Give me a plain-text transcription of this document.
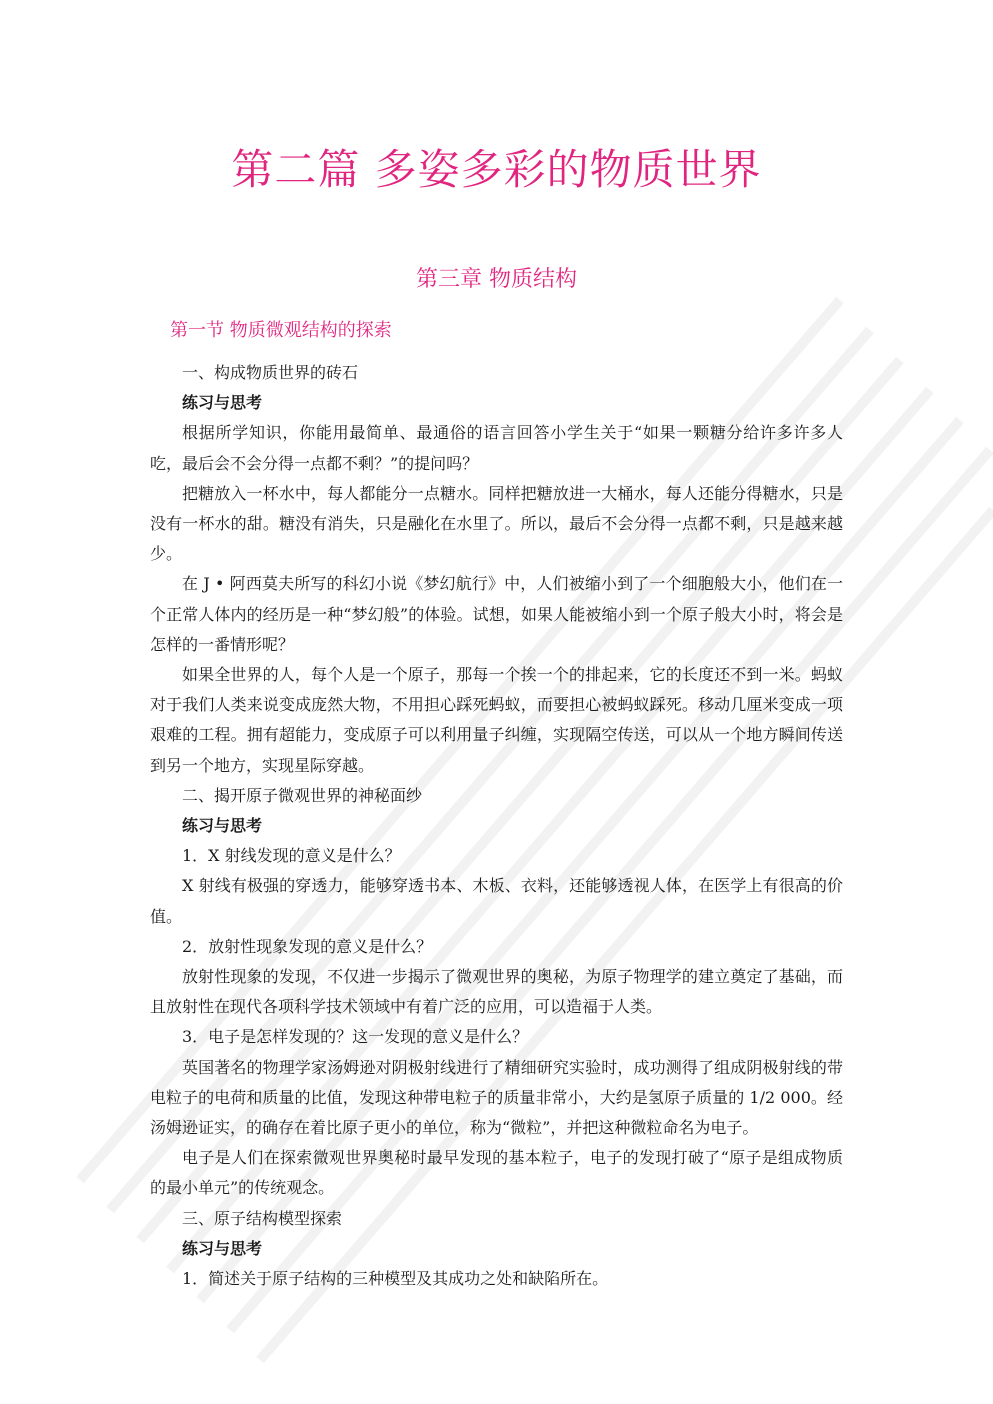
第二篇 多姿多彩的物质世界
第三章 物质结构
第一节 物质微观结构的探索

一、构成物质世界的砖石

练习与思考

根据所学知识，你能用最简单、最通俗的语言回答小学生关于“如果一颗糖分给许多许多人吃，最后会不会分得一点都不剩？”的提问吗？

把糖放入一杯水中，每人都能分一点糖水。同样把糖放进一大桶水，每人还能分得糖水，只是没有一杯水的甜。糖没有消失，只是融化在水里了。所以，最后不会分得一点都不剩，只是越来越少。

在 J • 阿西莫夫所写的科幻小说《梦幻航行》中，人们被缩小到了一个细胞般大小，他们在一个正常人体内的经历是一种“梦幻般”的体验。试想，如果人能被缩小到一个原子般大小时，将会是怎样的一番情形呢？

如果全世界的人，每个人是一个原子，那每一个挨一个的排起来，它的长度还不到一米。蚂蚁对于我们人类来说变成庞然大物，不用担心踩死蚂蚁，而要担心被蚂蚁踩死。移动几厘米变成一项艰难的工程。拥有超能力，变成原子可以利用量子纠缠，实现隔空传送，可以从一个地方瞬间传送到另一个地方，实现星际穿越。

二、揭开原子微观世界的神秘面纱

练习与思考

1．X 射线发现的意义是什么？

X 射线有极强的穿透力，能够穿透书本、木板、衣料，还能够透视人体，在医学上有很高的价值。

2．放射性现象发现的意义是什么？

放射性现象的发现，不仅进一步揭示了微观世界的奥秘，为原子物理学的建立奠定了基础，而且放射性在现代各项科学技术领域中有着广泛的应用，可以造福于人类。

3．电子是怎样发现的？这一发现的意义是什么？

英国著名的物理学家汤姆逊对阴极射线进行了精细研究实验时，成功测得了组成阴极射线的带电粒子的电荷和质量的比值，发现这种带电粒子的质量非常小，大约是氢原子质量的 1/2 000。经汤姆逊证实，的确存在着比原子更小的单位，称为“微粒”，并把这种微粒命名为电子。

电子是人们在探索微观世界奥秘时最早发现的基本粒子，电子的发现打破了“原子是组成物质的最小单元”的传统观念。

三、原子结构模型探索

练习与思考

1．简述关于原子结构的三种模型及其成功之处和缺陷所在。
